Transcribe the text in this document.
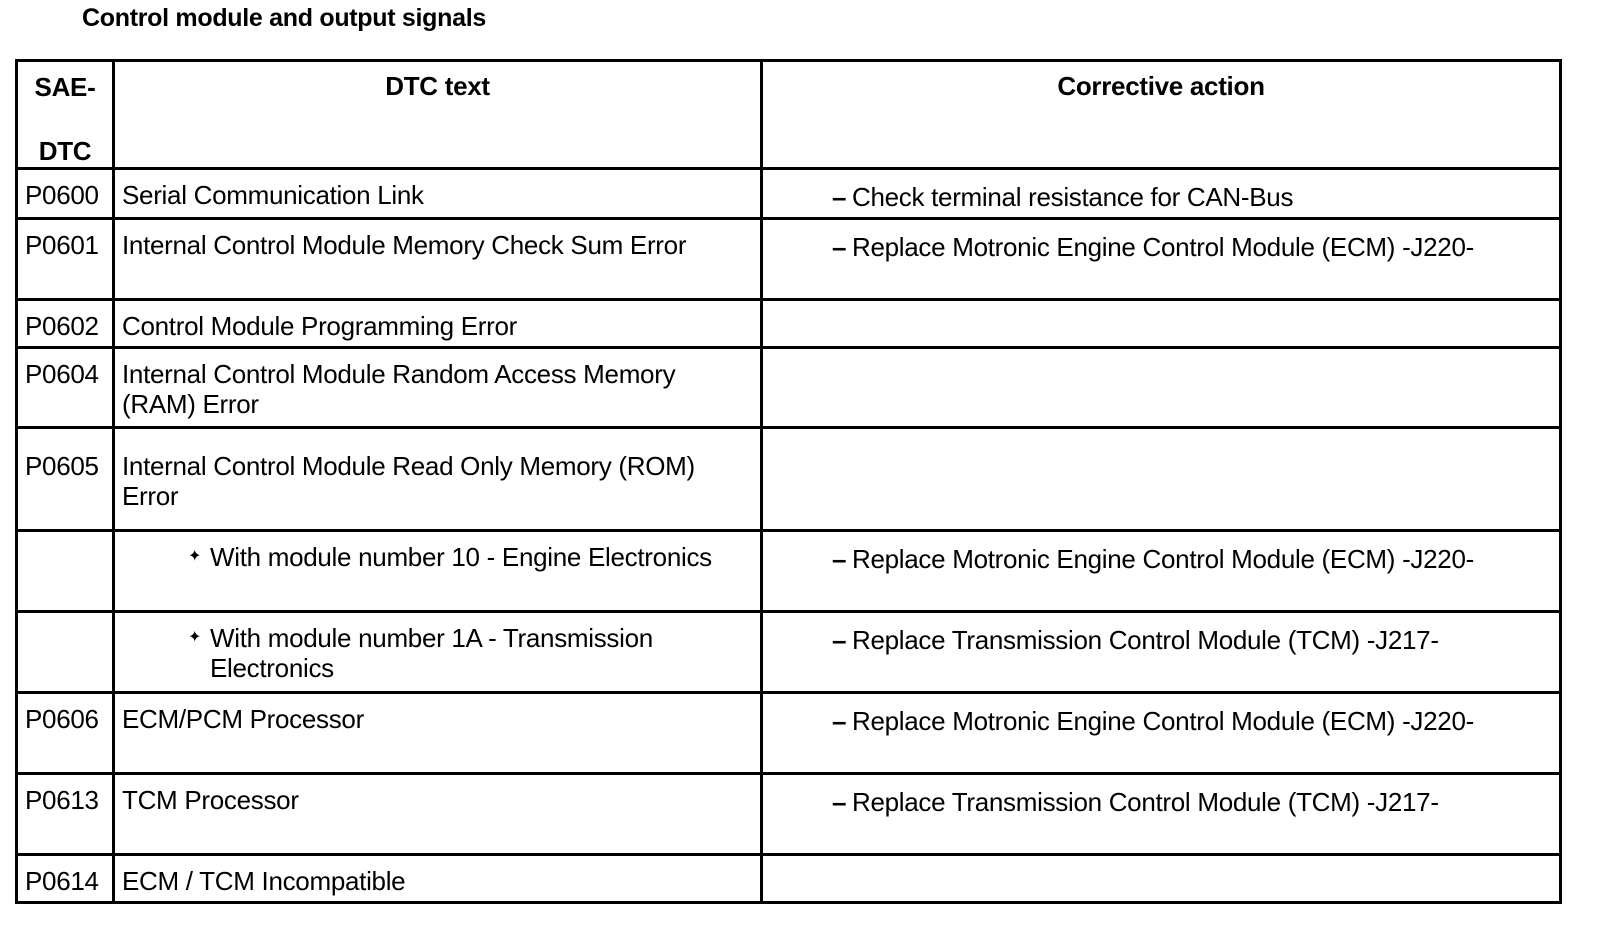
Control module and output signals
SAE-
DTC	DTC text	Corrective action

P0600	Serial Communication Link	– Check terminal resistance for CAN-Bus

P0601	Internal Control Module Memory Check Sum Error	– Replace Motronic Engine Control Module (ECM) -J220-

P0602	Control Module Programming Error	
P0604	Internal Control Module Random Access Memory (RAM) Error	
P0605	Internal Control Module Read Only Memory (ROM) Error	

	✦ With module number 10 - Engine Electronics	– Replace Motronic Engine Control Module (ECM) -J220-

	✦ With module number 1A - Transmission Electronics	– Replace Transmission Control Module (TCM) -J217-

P0606	ECM/PCM Processor	– Replace Motronic Engine Control Module (ECM) -J220-

P0613	TCM Processor	– Replace Transmission Control Module (TCM) -J217-

P0614	ECM / TCM Incompatible	
